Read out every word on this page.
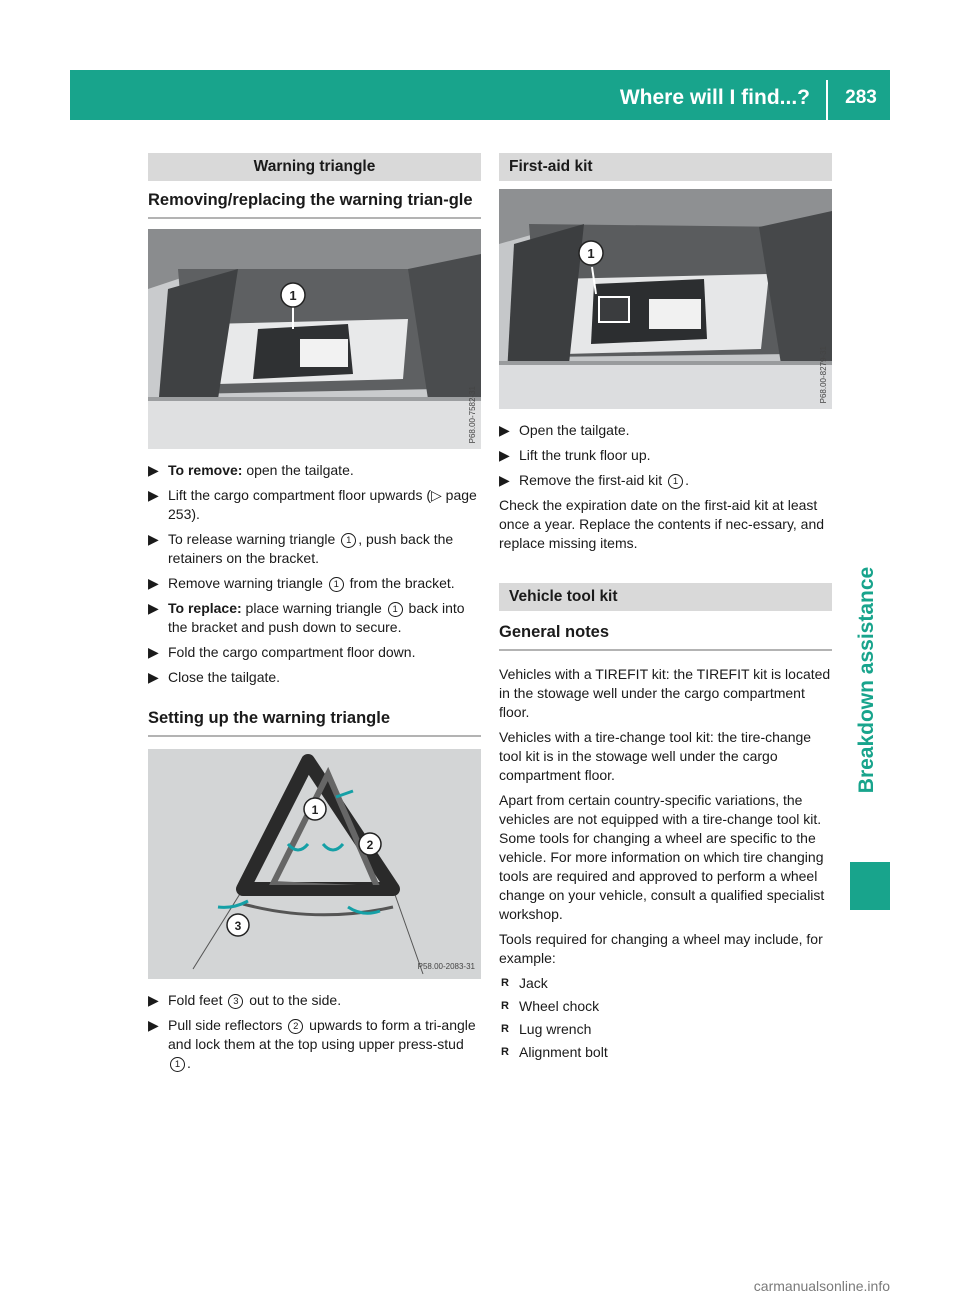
Where will I find...?	283
Breakdown assistance
Warning triangle
Removing/replacing the warning trian-gle
1
P68.00-7582-31
▶ To remove: open the tailgate.
▶ Lift the cargo compartment floor upwards (▷ page 253).
▶ To release warning triangle 1 , push back the retainers on the bracket.
▶ Remove warning triangle 1 from the bracket.
▶ To replace: place warning triangle 1 back into the bracket and push down to secure.
▶ Fold the cargo compartment floor down.
▶ Close the tailgate.
Setting up the warning triangle
1
2
3
P58.00-2083-31
▶ Fold feet 3 out to the side.
▶ Pull side reflectors 2 upwards to form a tri-angle and lock them at the top using upper press-stud 1 .
First-aid kit
1
P68.00-8279-31
▶ Open the tailgate.
▶ Lift the trunk floor up.
▶ Remove the first-aid kit 1 .

Check the expiration date on the first-aid kit at least once a year. Replace the contents if nec-essary, and replace missing items.

Vehicle tool kit
General notes

Vehicles with a TIREFIT kit: the TIREFIT kit is located in the stowage well under the cargo compartment floor.

Vehicles with a tire-change tool kit: the tire-change tool kit is in the stowage well under the cargo compartment floor.

Apart from certain country-specific variations, the vehicles are not equipped with a tire-change tool kit. Some tools for changing a wheel are specific to the vehicle. For more information on which tire changing tools are required and approved to perform a wheel change on your vehicle, consult a qualified specialist workshop.

Tools required for changing a wheel may include, for example:

R Jack
R Wheel chock
R Lug wrench
R Alignment bolt
carmanualsonline.info
